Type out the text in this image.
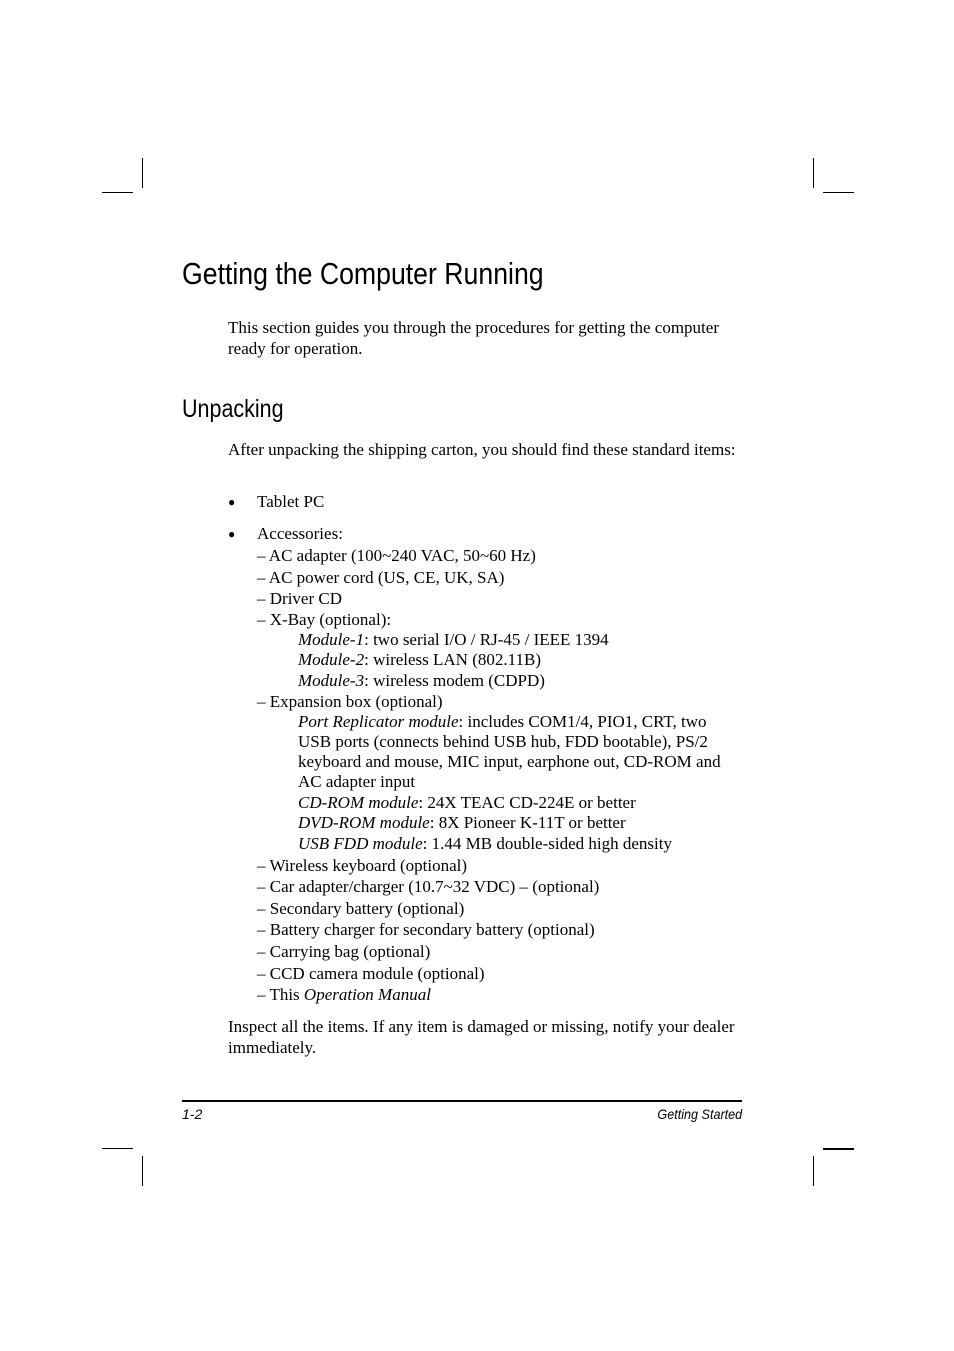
Getting the Computer Running

This section guides you through the procedures for getting the computer ready for operation.

Unpacking

After unpacking the shipping carton, you should find these standard items:

● Tablet PC
● Accessories:
– AC adapter (100~240 VAC, 50~60 Hz)
– AC power cord (US, CE, UK, SA)
– Driver CD
– X-Bay (optional):
Module-1: two serial I/O / RJ-45 / IEEE 1394
Module-2: wireless LAN (802.11B)
Module-3: wireless modem (CDPD)
– Expansion box (optional)
Port Replicator module: includes COM1/4, PIO1, CRT, two USB ports (connects behind USB hub, FDD bootable), PS/2 keyboard and mouse, MIC input, earphone out, CD-ROM and AC adapter input
CD-ROM module: 24X TEAC CD-224E or better
DVD-ROM module: 8X Pioneer K-11T or better
USB FDD module: 1.44 MB double-sided high density
– Wireless keyboard (optional)
– Car adapter/charger (10.7~32 VDC) – (optional)
– Secondary battery (optional)
– Battery charger for secondary battery (optional)
– Carrying bag (optional)
– CCD camera module (optional)
– This Operation Manual

Inspect all the items. If any item is damaged or missing, notify your dealer immediately.

1-2	Getting Started
